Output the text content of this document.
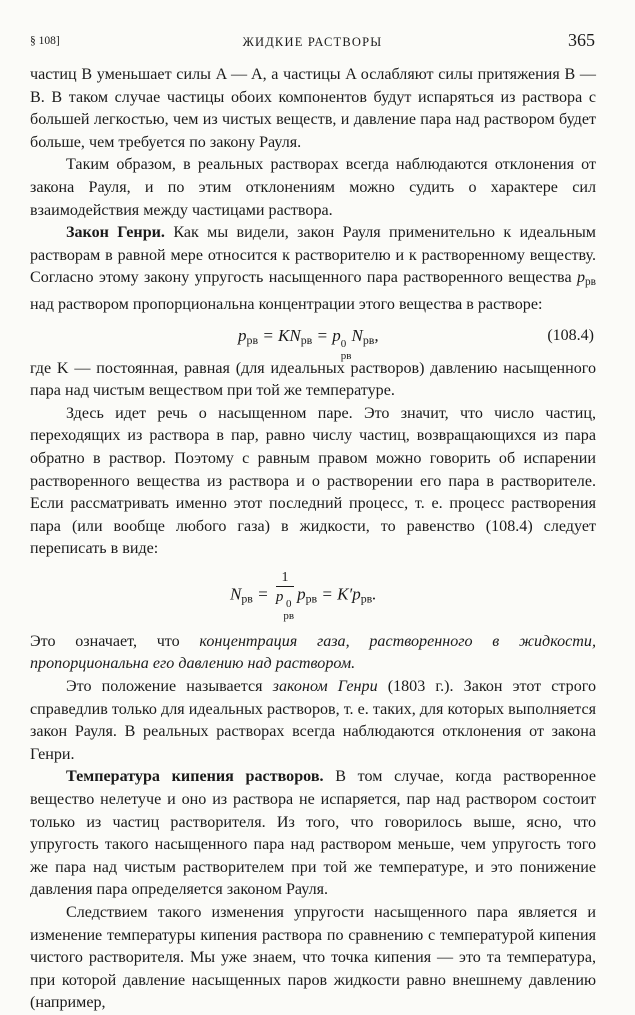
§ 108]	ЖИДКИЕ РАСТВОРЫ	365

частиц B уменьшает силы A — A, а частицы A ослабляют силы притяжения B — B. В таком случае частицы обоих компонентов будут испаряться из раствора с большей легкостью, чем из чистых веществ, и давление пара над раствором будет больше, чем требуется по закону Рауля.

Таким образом, в реальных растворах всегда наблюдаются отклонения от закона Рауля, и по этим отклонениям можно судить о характере сил взаимодействия между частицами раствора.

Закон Генри. Как мы видели, закон Рауля применительно к идеальным растворам в равной мере относится к растворителю и к растворенному веществу. Согласно этому закону упругость насыщенного пара растворенного вещества $p_{рв}$ над раствором пропорциональна концентрации этого вещества в растворе:

$p_{рв} = KN_{рв} = p$ 0
рв
$N_{рв}$,	(108.4)

где K — постоянная, равная (для идеальных растворов) давлению насыщенного пара над чистым веществом при той же температуре.

Здесь идет речь о насыщенном паре. Это значит, что число частиц, переходящих из раствора в пар, равно числу частиц, возвращающихся из пара обратно в раствор. Поэтому с равным правом можно говорить об испарении растворенного вещества из раствора и о растворении его пара в растворителе. Если рассматривать именно этот последний процесс, т. е. процесс растворения пара (или вообще любого газа) в жидкости, то равенство (108.4) следует переписать в виде:

$N_{рв} = 1$
p 0
рв $p_{рв} = K'p_{рв}$.

Это означает, что концентрация газа, растворенного в жидкости, пропорциональна его давлению над раствором.

Это положение называется законом Генри (1803 г.). Закон этот строго справедлив только для идеальных растворов, т. е. таких, для которых выполняется закон Рауля. В реальных растворах всегда наблюдаются отклонения от закона Генри.

Температура кипения растворов. В том случае, когда растворенное вещество нелетуче и оно из раствора не испаряется, пар над раствором состоит только из частиц растворителя. Из того, что говорилось выше, ясно, что упругость такого насыщенного пара над раствором меньше, чем упругость того же пара над чистым растворителем при той же температуре, и это понижение давления пара определяется законом Рауля.

Следствием такого изменения упругости насыщенного пара является и изменение температуры кипения раствора по сравнению с температурой кипения чистого растворителя. Мы уже знаем, что точка кипения — это та температура, при которой давление насыщенных паров жидкости равно внешнему давлению (например,
